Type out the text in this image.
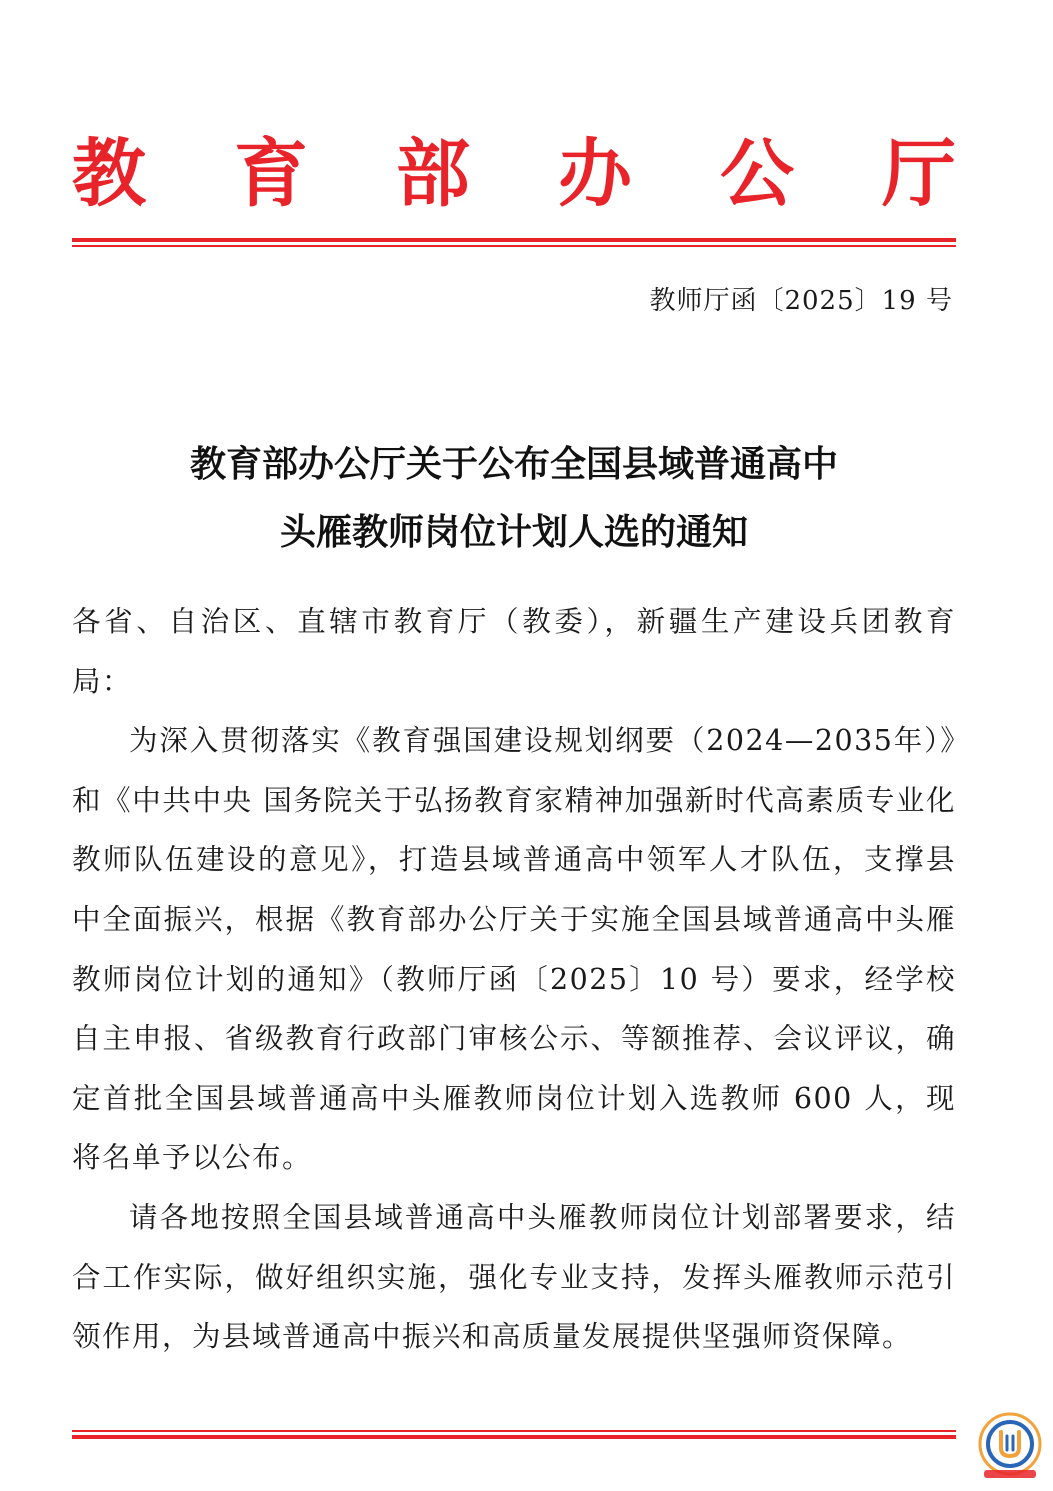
教 育 部 办 公 厅
教师厅函〔2025〕19 号
教育部办公厅关于公布全国县域普通高中
头雁教师岗位计划人选的通知

各省、自治区、直辖市教育厅（教委），新疆生产建设兵团教育局：

为深入贯彻落实《教育强国建设规划纲要（2024—2035年）》和《中共中央 国务院关于弘扬教育家精神加强新时代高素质专业化教师队伍建设的意见》，打造县域普通高中领军人才队伍，支撑县中全面振兴，根据《教育部办公厅关于实施全国县域普通高中头雁教师岗位计划的通知》（教师厅函〔2025〕10 号）要求，经学校自主申报、省级教育行政部门审核公示、等额推荐、会议评议，确定首批全国县域普通高中头雁教师岗位计划入选教师 600 人，现将名单予以公布。

请各地按照全国县域普通高中头雁教师岗位计划部署要求，结合工作实际，做好组织实施，强化专业支持，发挥头雁教师示范引领作用，为县域普通高中振兴和高质量发展提供坚强师资保障。
